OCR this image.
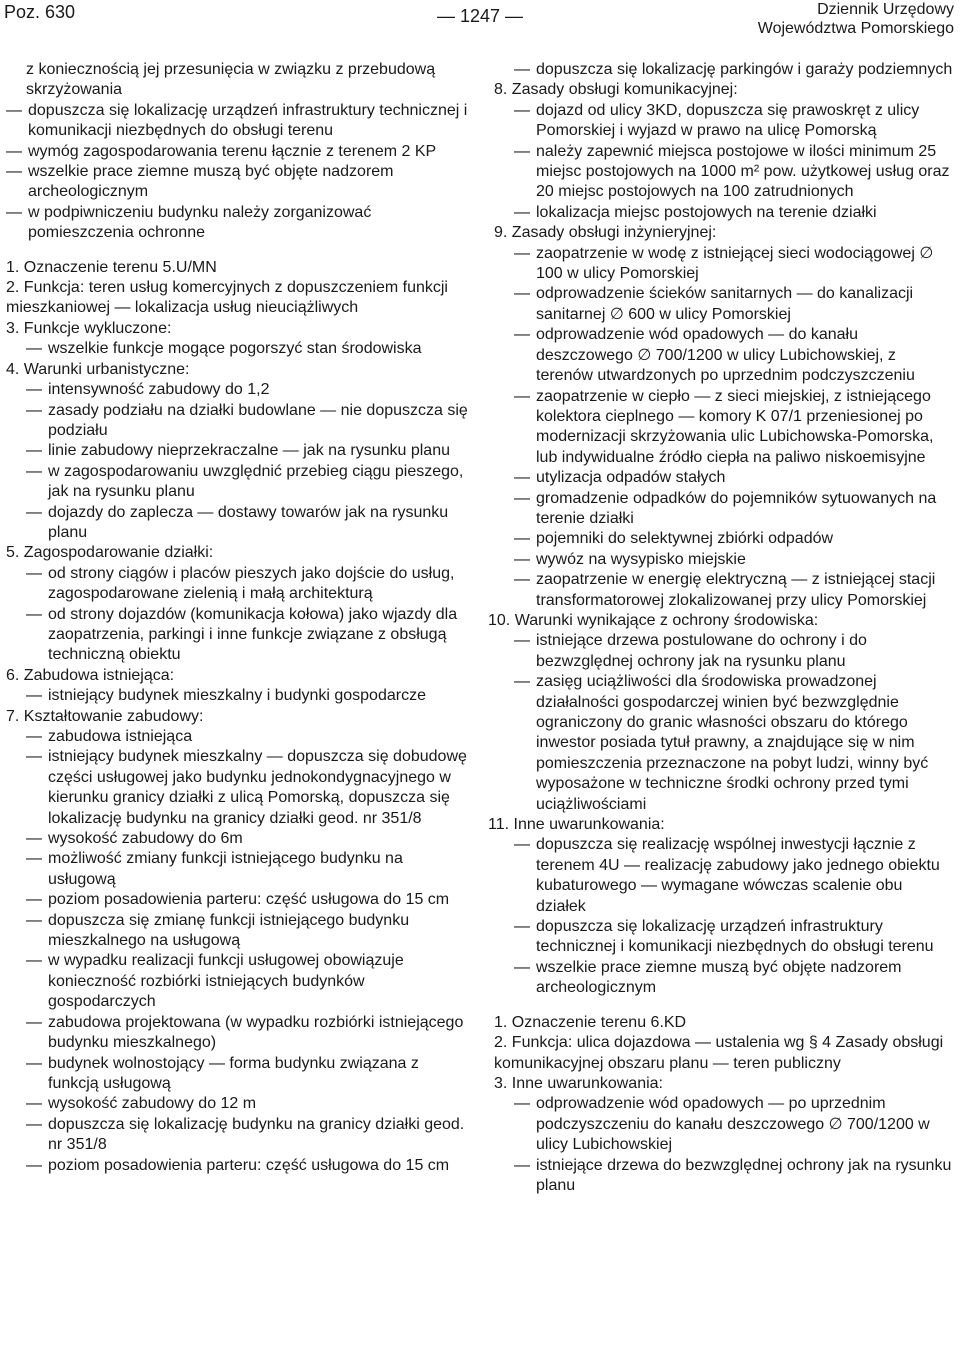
Poz. 630	— 1247 —	Dziennik Urzędowy
Województwa Pomorskiego
z koniecznością jej przesunięcia w związku z przebudową skrzyżowania
— dopuszcza się lokalizację urządzeń infrastruktury technicznej i komunikacji niezbędnych do obsługi terenu
— wymóg zagospodarowania terenu łącznie z terenem 2 KP
— wszelkie prace ziemne muszą być objęte nadzorem archeologicznym
— w podpiwniczeniu budynku należy zorganizować pomieszczenia ochronne
1. Oznaczenie terenu 5.U/MN
2. Funkcja: teren usług komercyjnych z dopuszczeniem funkcji mieszkaniowej — lokalizacja usług nieuciążliwych
3. Funkcje wykluczone:
— wszelkie funkcje mogące pogorszyć stan środowiska
4. Warunki urbanistyczne:
— intensywność zabudowy do 1,2
— zasady podziału na działki budowlane — nie dopuszcza się podziału
— linie zabudowy nieprzekraczalne — jak na rysunku planu
— w zagospodarowaniu uwzględnić przebieg ciągu pieszego, jak na rysunku planu
— dojazdy do zaplecza — dostawy towarów jak na rysunku planu
5. Zagospodarowanie działki:
— od strony ciągów i placów pieszych jako dojście do usług, zagospodarowane zielenią i małą architekturą
— od strony dojazdów (komunikacja kołowa) jako wjazdy dla zaopatrzenia, parkingi i inne funkcje związane z obsługą techniczną obiektu
6. Zabudowa istniejąca:
— istniejący budynek mieszkalny i budynki gospodarcze
7. Kształtowanie zabudowy:
— zabudowa istniejąca
— istniejący budynek mieszkalny — dopuszcza się dobudowę części usługowej jako budynku jednokondygnacyjnego w kierunku granicy działki z ulicą Pomorską, dopuszcza się lokalizację budynku na granicy działki geod. nr 351/8
— wysokość zabudowy do 6m
— możliwość zmiany funkcji istniejącego budynku na usługową
— poziom posadowienia parteru: część usługowa do 15 cm
— dopuszcza się zmianę funkcji istniejącego budynku mieszkalnego na usługową
— w wypadku realizacji funkcji usługowej obowiązuje konieczność rozbiórki istniejących budynków gospodarczych
— zabudowa projektowana (w wypadku rozbiórki istniejącego budynku mieszkalnego)
— budynek wolnostojący — forma budynku związana z funkcją usługową
— wysokość zabudowy do 12 m
— dopuszcza się lokalizację budynku na granicy działki geod. nr 351/8
— poziom posadowienia parteru: część usługowa do 15 cm
— dopuszcza się lokalizację parkingów i garaży podziemnych
8. Zasady obsługi komunikacyjnej:
— dojazd od ulicy 3KD, dopuszcza się prawoskręt z ulicy Pomorskiej i wyjazd w prawo na ulicę Pomorską
— należy zapewnić miejsca postojowe w ilości minimum 25 miejsc postojowych na 1000 m² pow. użytkowej usług oraz 20 miejsc postojowych na 100 zatrudnionych
— lokalizacja miejsc postojowych na terenie działki
9. Zasady obsługi inżynieryjnej:
— zaopatrzenie w wodę z istniejącej sieci wodociągowej ∅ 100 w ulicy Pomorskiej
— odprowadzenie ścieków sanitarnych — do kanalizacji sanitarnej ∅ 600 w ulicy Pomorskiej
— odprowadzenie wód opadowych — do kanału deszczowego ∅ 700/1200 w ulicy Lubichowskiej, z terenów utwardzonych po uprzednim podczyszczeniu
— zaopatrzenie w ciepło — z sieci miejskiej, z istniejącego kolektora cieplnego — komory K 07/1 przeniesionej po modernizacji skrzyżowania ulic Lubichowska-Pomorska, lub indywidualne źródło ciepła na paliwo niskoemisyjne
— utylizacja odpadów stałych
— gromadzenie odpadków do pojemników sytuowanych na terenie działki
— pojemniki do selektywnej zbiórki odpadów
— wywóz na wysypisko miejskie
— zaopatrzenie w energię elektryczną — z istniejącej stacji transformatorowej zlokalizowanej przy ulicy Pomorskiej
10. Warunki wynikające z ochrony środowiska:
— istniejące drzewa postulowane do ochrony i do bezwzględnej ochrony jak na rysunku planu
— zasięg uciążliwości dla środowiska prowadzonej działalności gospodarczej winien być bezwzględnie ograniczony do granic własności obszaru do którego inwestor posiada tytuł prawny, a znajdujące się w nim pomieszczenia przeznaczone na pobyt ludzi, winny być wyposażone w techniczne środki ochrony przed tymi uciążliwościami
11. Inne uwarunkowania:
— dopuszcza się realizację wspólnej inwestycji łącznie z terenem 4U — realizację zabudowy jako jednego obiektu kubaturowego — wymagane wówczas scalenie obu działek
— dopuszcza się lokalizację urządzeń infrastruktury technicznej i komunikacji niezbędnych do obsługi terenu
— wszelkie prace ziemne muszą być objęte nadzorem archeologicznym
1. Oznaczenie terenu 6.KD
2. Funkcja: ulica dojazdowa — ustalenia wg § 4 Zasady obsługi komunikacyjnej obszaru planu — teren publiczny
3. Inne uwarunkowania:
— odprowadzenie wód opadowych — po uprzednim podczyszczeniu do kanału deszczowego ∅ 700/1200 w ulicy Lubichowskiej
— istniejące drzewa do bezwzględnej ochrony jak na rysunku planu
